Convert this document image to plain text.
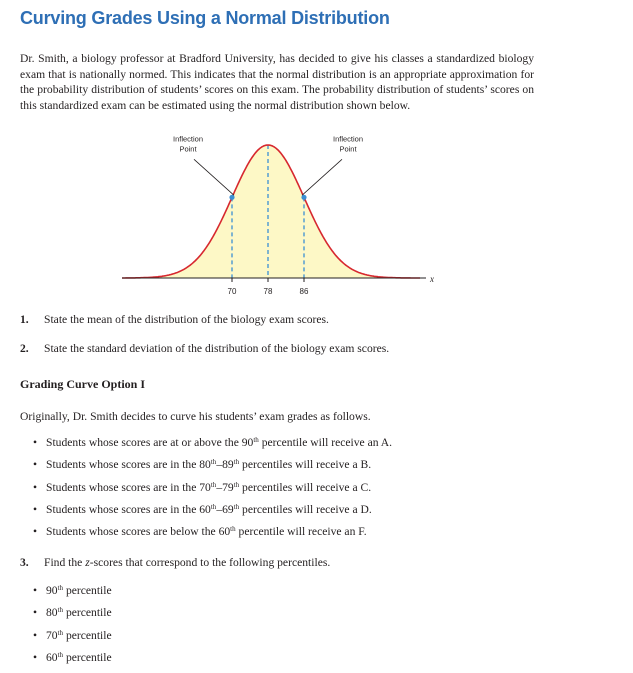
Curving Grades Using a Normal Distribution

Dr. Smith, a biology professor at Bradford University, has decided to give his classes a standardized biology exam that is nationally normed. This indicates that the normal distribution is an appropriate approximation for the probability distribution of students’ scores on this exam. The probability distribution of students’ scores on this standardized exam can be estimated using the normal distribution shown below.

70	78	86
x
Inflection
Point
Inflection
Point
1. State the mean of the distribution of the biology exam scores.
2. State the standard deviation of the distribution of the biology exam scores.
Grading Curve Option I
Originally, Dr. Smith decides to curve his students’ exam grades as follows.
• Students whose scores are at or above the 90th percentile will receive an A.
• Students whose scores are in the 80th–89th percentiles will receive a B.
• Students whose scores are in the 70th–79th percentiles will receive a C.
• Students whose scores are in the 60th–69th percentiles will receive a D.
• Students whose scores are below the 60th percentile will receive an F.
3. Find the z-scores that correspond to the following percentiles.
• 90th percentile
• 80th percentile
• 70th percentile
• 60th percentile
